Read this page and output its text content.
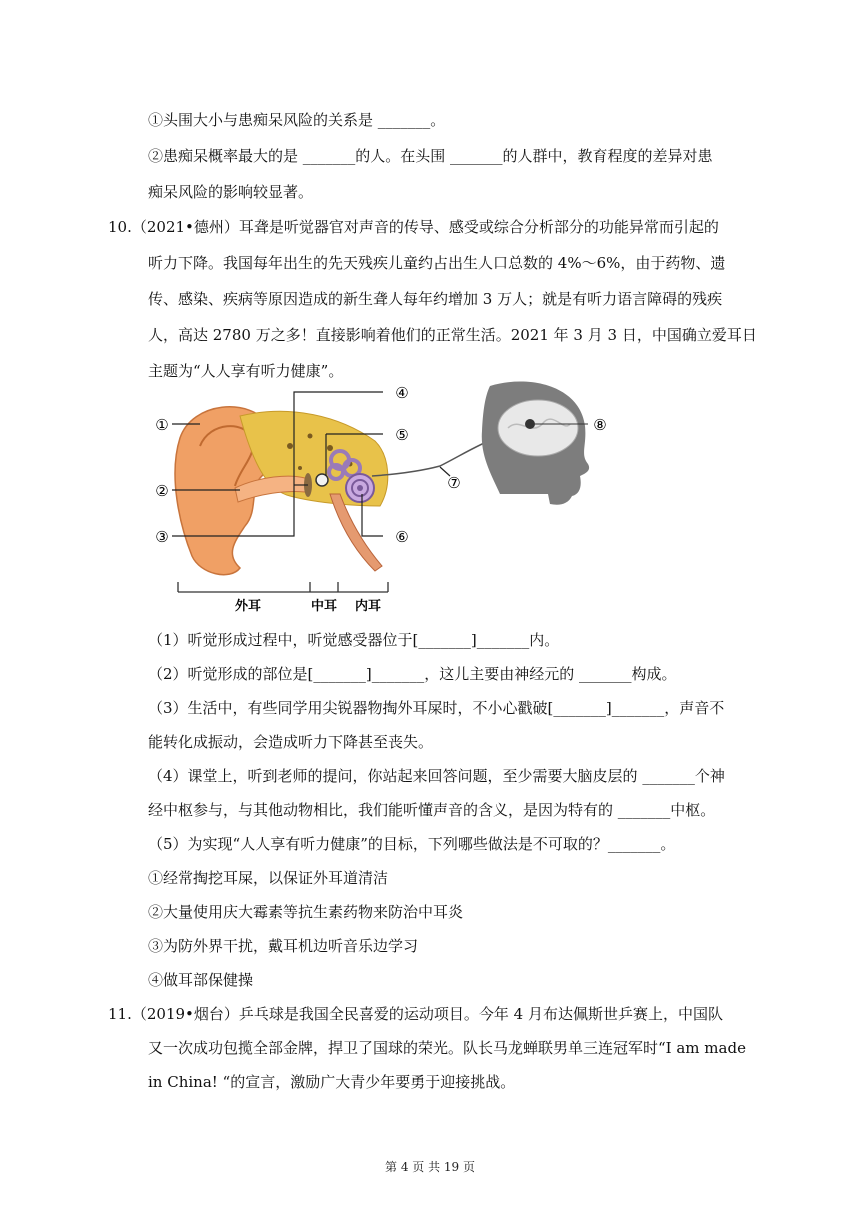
①头围大小与患痴呆风险的关系是 _______。
②患痴呆概率最大的是 _______的人。在头围 _______的人群中，教育程度的差异对患
痴呆风险的影响较显著。
10.（2021•德州）耳聋是听觉器官对声音的传导、感受或综合分析部分的功能异常而引起的
听力下降。我国每年出生的先天残疾儿童约占出生人口总数的 4%～6%，由于药物、遗
传、感染、疾病等原因造成的新生聋人每年约增加 3 万人；就是有听力语言障碍的残疾
人，高达 2780 万之多！直接影响着他们的正常生活。2021 年 3 月 3 日，中国确立爱耳日
主题为“人人享有听力健康”。
①
②
③
④
⑤
⑥
⑦
⑧
外耳	中耳 内耳
（1）听觉形成过程中，听觉感受器位于[_______]_______内。
（2）听觉形成的部位是[_______]_______，这儿主要由神经元的 _______构成。
（3）生活中，有些同学用尖锐器物掏外耳屎时，不小心戳破[_______]_______，声音不
能转化成振动，会造成听力下降甚至丧失。
（4）课堂上，听到老师的提问，你站起来回答问题，至少需要大脑皮层的 _______个神
经中枢参与，与其他动物相比，我们能听懂声音的含义，是因为特有的 _______中枢。
（5）为实现“人人享有听力健康”的目标，下列哪些做法是不可取的？_______。
①经常掏挖耳屎，以保证外耳道清洁
②大量使用庆大霉素等抗生素药物来防治中耳炎
③为防外界干扰，戴耳机边听音乐边学习
④做耳部保健操
11.（2019•烟台）乒乓球是我国全民喜爱的运动项目。今年 4 月布达佩斯世乒赛上，中国队
又一次成功包揽全部金牌，捍卫了国球的荣光。队长马龙蝉联男单三连冠军时“I am made
in China! “的宣言，激励广大青少年要勇于迎接挑战。
第 4 页 共 19 页
